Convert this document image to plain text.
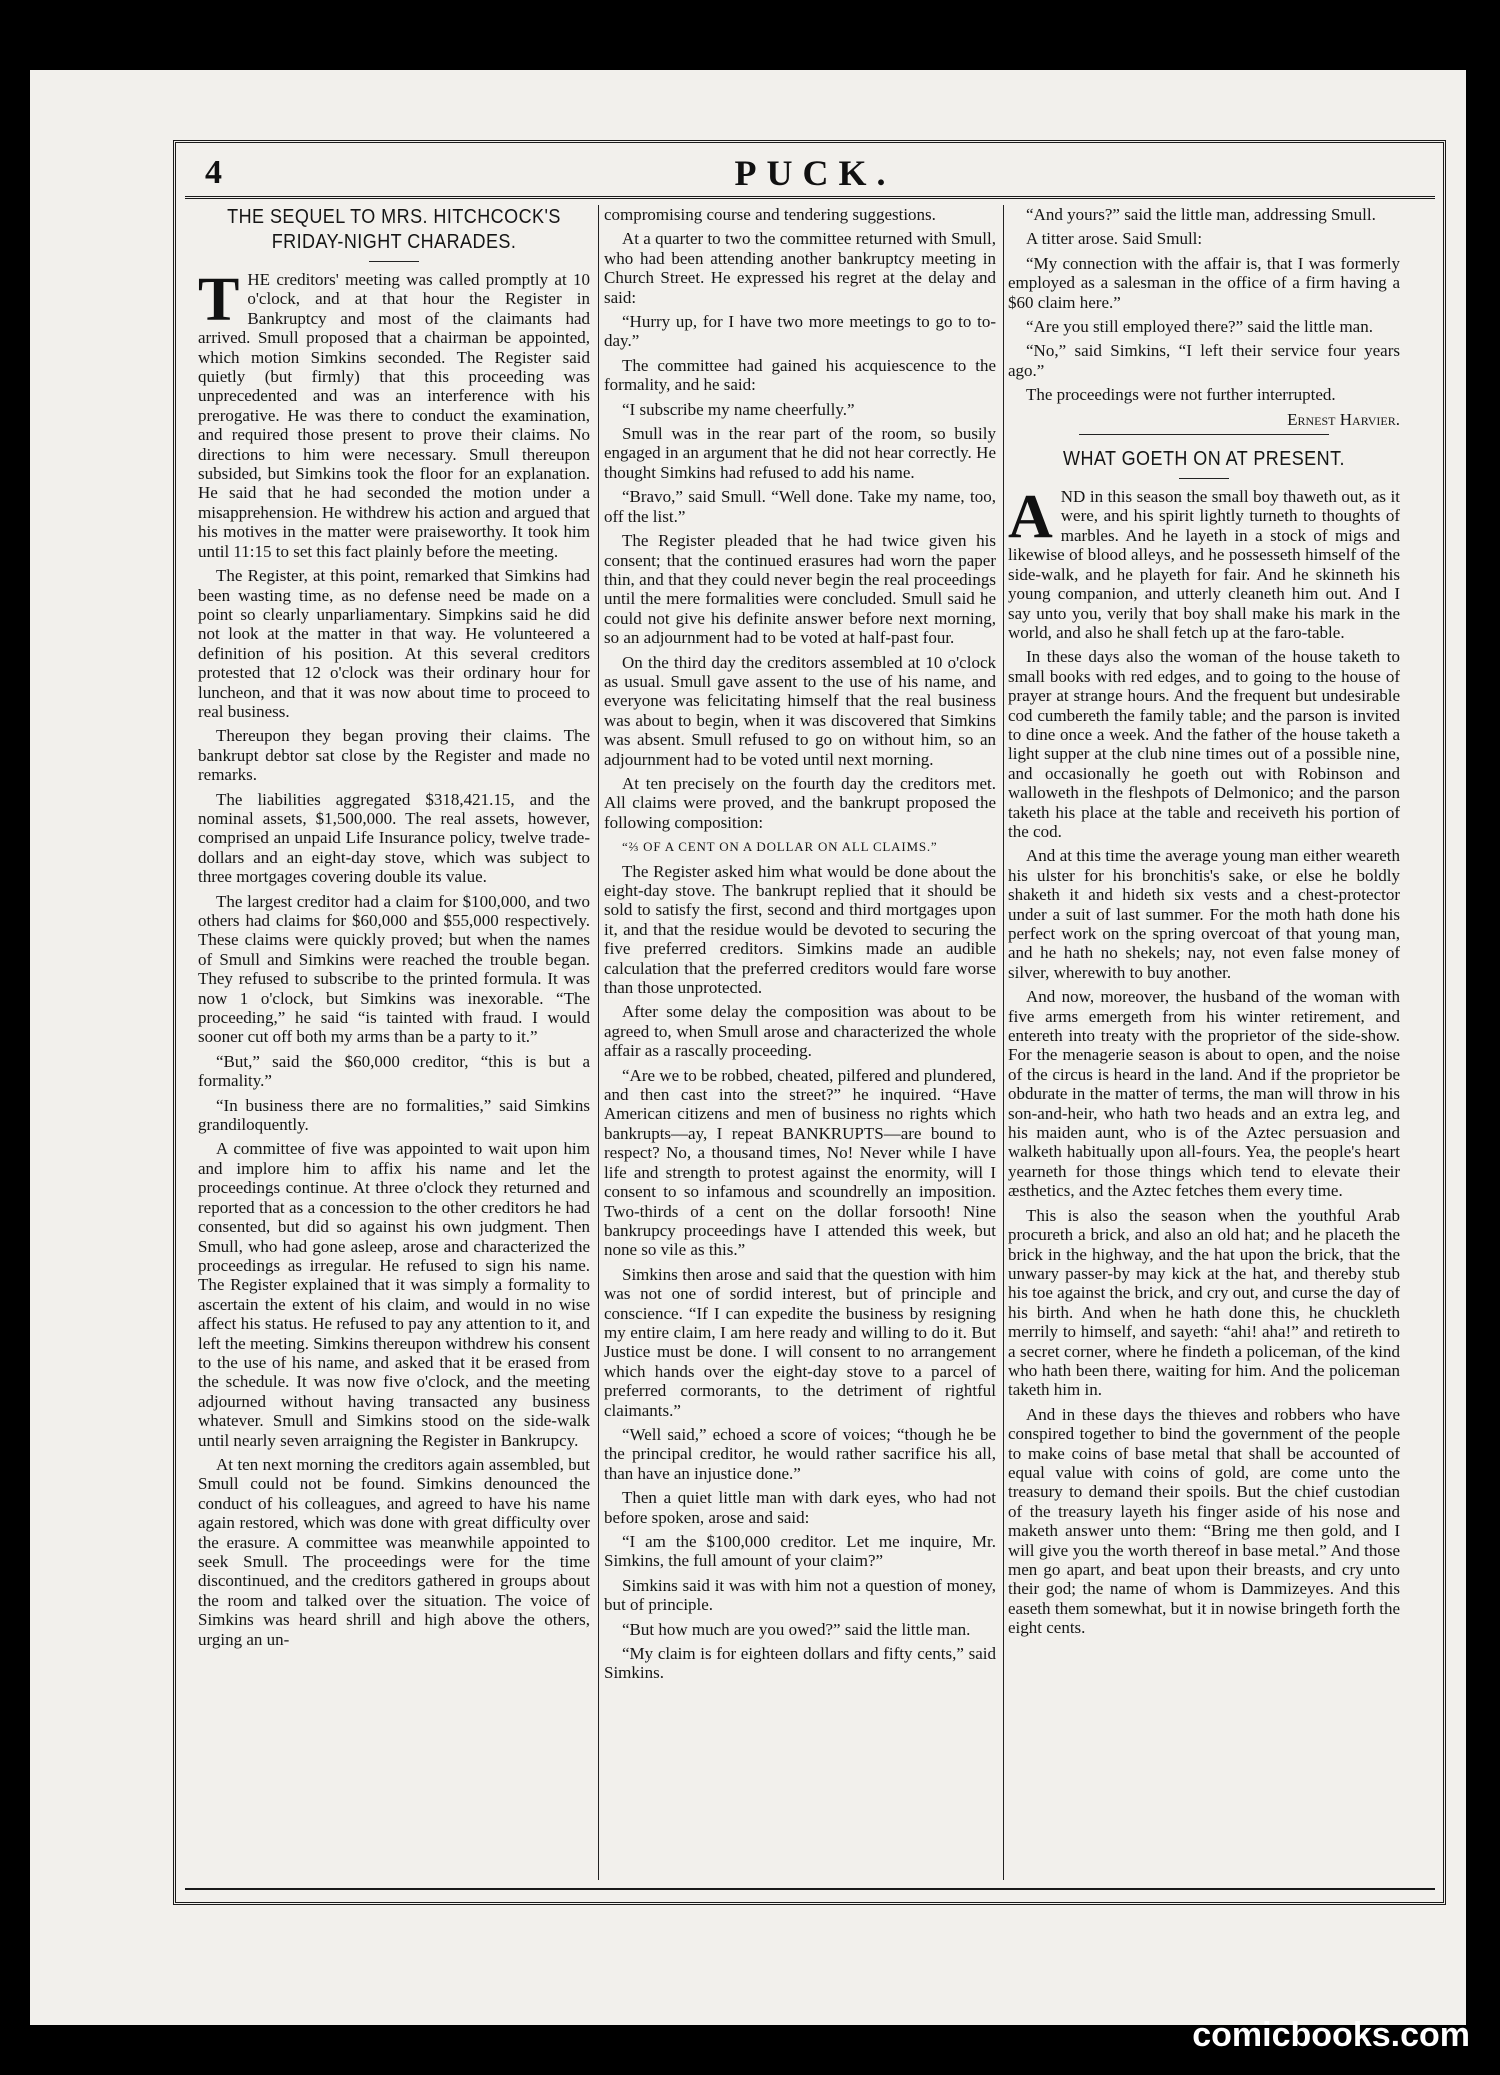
4	PUCK.
THE SEQUEL TO MRS. HITCHCOCK'S FRIDAY-NIGHT CHARADES.

THE creditors' meeting was called promptly at 10 o'clock, and at that hour the Register in Bankruptcy and most of the claimants had arrived. Smull proposed that a chairman be appointed, which motion Simkins seconded. The Register said quietly (but firmly) that this proceeding was unprecedented and was an interference with his prerogative. He was there to conduct the examination, and required those present to prove their claims. No directions to him were necessary. Smull thereupon subsided, but Simkins took the floor for an explanation. He said that he had seconded the motion under a misapprehension. He withdrew his action and argued that his motives in the matter were praiseworthy. It took him until 11:15 to set this fact plainly before the meeting.

The Register, at this point, remarked that Simkins had been wasting time, as no defense need be made on a point so clearly unparliamentary. Simpkins said he did not look at the matter in that way. He volunteered a definition of his position. At this several creditors protested that 12 o'clock was their ordinary hour for luncheon, and that it was now about time to proceed to real business.

Thereupon they began proving their claims. The bankrupt debtor sat close by the Register and made no remarks.

The liabilities aggregated $318,421.15, and the nominal assets, $1,500,000. The real assets, however, comprised an unpaid Life Insurance policy, twelve trade-dollars and an eight-day stove, which was subject to three mortgages covering double its value.

The largest creditor had a claim for $100,000, and two others had claims for $60,000 and $55,000 respectively. These claims were quickly proved; but when the names of Smull and Simkins were reached the trouble began. They refused to subscribe to the printed formula. It was now 1 o'clock, but Simkins was inexorable. “The proceeding,” he said “is tainted with fraud. I would sooner cut off both my arms than be a party to it.”

“But,” said the $60,000 creditor, “this is but a formality.”

“In business there are no formalities,” said Simkins grandiloquently.

A committee of five was appointed to wait upon him and implore him to affix his name and let the proceedings continue. At three o'clock they returned and reported that as a concession to the other creditors he had consented, but did so against his own judgment. Then Smull, who had gone asleep, arose and characterized the proceedings as irregular. He refused to sign his name. The Register explained that it was simply a formality to ascertain the extent of his claim, and would in no wise affect his status. He refused to pay any attention to it, and left the meeting. Simkins thereupon withdrew his consent to the use of his name, and asked that it be erased from the schedule. It was now five o'clock, and the meeting adjourned without having transacted any business whatever. Smull and Simkins stood on the side-walk until nearly seven arraigning the Register in Bankrupcy.

At ten next morning the creditors again assembled, but Smull could not be found. Simkins denounced the conduct of his colleagues, and agreed to have his name again restored, which was done with great difficulty over the erasure. A committee was meanwhile appointed to seek Smull. The proceedings were for the time discontinued, and the creditors gathered in groups about the room and talked over the situation. The voice of Simkins was heard shrill and high above the others, urging an un-

compromising course and tendering suggestions.

At a quarter to two the committee returned with Smull, who had been attending another bankruptcy meeting in Church Street. He expressed his regret at the delay and said:

“Hurry up, for I have two more meetings to go to to-day.”

The committee had gained his acquiescence to the formality, and he said:

“I subscribe my name cheerfully.”

Smull was in the rear part of the room, so busily engaged in an argument that he did not hear correctly. He thought Simkins had refused to add his name.

“Bravo,” said Smull. “Well done. Take my name, too, off the list.”

The Register pleaded that he had twice given his consent; that the continued erasures had worn the paper thin, and that they could never begin the real proceedings until the mere formalities were concluded. Smull said he could not give his definite answer before next morning, so an adjournment had to be voted at half-past four.

On the third day the creditors assembled at 10 o'clock as usual. Smull gave assent to the use of his name, and everyone was felicitating himself that the real business was about to begin, when it was discovered that Simkins was absent. Smull refused to go on without him, so an adjournment had to be voted until next morning.

At ten precisely on the fourth day the creditors met. All claims were proved, and the bankrupt proposed the following composition:

“⅔ OF A CENT ON A DOLLAR ON ALL CLAIMS.”

The Register asked him what would be done about the eight-day stove. The bankrupt replied that it should be sold to satisfy the first, second and third mortgages upon it, and that the residue would be devoted to securing the five preferred creditors. Simkins made an audible calculation that the preferred creditors would fare worse than those unprotected.

After some delay the composition was about to be agreed to, when Smull arose and characterized the whole affair as a rascally proceeding.

“Are we to be robbed, cheated, pilfered and plundered, and then cast into the street?” he inquired. “Have American citizens and men of business no rights which bankrupts—ay, I repeat BANKRUPTS—are bound to respect? No, a thousand times, No! Never while I have life and strength to protest against the enormity, will I consent to so infamous and scoundrelly an imposition. Two-thirds of a cent on the dollar forsooth! Nine bankrupcy proceedings have I attended this week, but none so vile as this.”

Simkins then arose and said that the question with him was not one of sordid interest, but of principle and conscience. “If I can expedite the business by resigning my entire claim, I am here ready and willing to do it. But Justice must be done. I will consent to no arrangement which hands over the eight-day stove to a parcel of preferred cormorants, to the detriment of rightful claimants.”

“Well said,” echoed a score of voices; “though he be the principal creditor, he would rather sacrifice his all, than have an injustice done.”

Then a quiet little man with dark eyes, who had not before spoken, arose and said:

“I am the $100,000 creditor. Let me inquire, Mr. Simkins, the full amount of your claim?”

Simkins said it was with him not a question of money, but of principle.

“But how much are you owed?” said the little man.

“My claim is for eighteen dollars and fifty cents,” said Simkins.

“And yours?” said the little man, addressing Smull.

A titter arose. Said Smull:

“My connection with the affair is, that I was formerly employed as a salesman in the office of a firm having a $60 claim here.”

“Are you still employed there?” said the little man.

“No,” said Simkins, “I left their service four years ago.”

The proceedings were not further interrupted.

Ernest Harvier.

WHAT GOETH ON AT PRESENT.

AND in this season the small boy thaweth out, as it were, and his spirit lightly turneth to thoughts of marbles. And he layeth in a stock of migs and likewise of blood alleys, and he possesseth himself of the side-walk, and he playeth for fair. And he skinneth his young companion, and utterly cleaneth him out. And I say unto you, verily that boy shall make his mark in the world, and also he shall fetch up at the faro-table.

In these days also the woman of the house taketh to small books with red edges, and to going to the house of prayer at strange hours. And the frequent but undesirable cod cumbereth the family table; and the parson is invited to dine once a week. And the father of the house taketh a light supper at the club nine times out of a possible nine, and occasionally he goeth out with Robinson and walloweth in the fleshpots of Delmonico; and the parson taketh his place at the table and receiveth his portion of the cod.

And at this time the average young man either weareth his ulster for his bronchitis's sake, or else he boldly shaketh it and hideth six vests and a chest-protector under a suit of last summer. For the moth hath done his perfect work on the spring overcoat of that young man, and he hath no shekels; nay, not even false money of silver, wherewith to buy another.

And now, moreover, the husband of the woman with five arms emergeth from his winter retirement, and entereth into treaty with the proprietor of the side-show. For the menagerie season is about to open, and the noise of the circus is heard in the land. And if the proprietor be obdurate in the matter of terms, the man will throw in his son-and-heir, who hath two heads and an extra leg, and his maiden aunt, who is of the Aztec persuasion and walketh habitually upon all-fours. Yea, the people's heart yearneth for those things which tend to elevate their æsthetics, and the Aztec fetches them every time.

This is also the season when the youthful Arab procureth a brick, and also an old hat; and he placeth the brick in the highway, and the hat upon the brick, that the unwary passer-by may kick at the hat, and thereby stub his toe against the brick, and cry out, and curse the day of his birth. And when he hath done this, he chuckleth merrily to himself, and sayeth: “ahi! aha!” and retireth to a secret corner, where he findeth a policeman, of the kind who hath been there, waiting for him. And the policeman taketh him in.

And in these days the thieves and robbers who have conspired together to bind the government of the people to make coins of base metal that shall be accounted of equal value with coins of gold, are come unto the treasury to demand their spoils. But the chief custodian of the treasury layeth his finger aside of his nose and maketh answer unto them: “Bring me then gold, and I will give you the worth thereof in base metal.” And those men go apart, and beat upon their breasts, and cry unto their god; the name of whom is Dammizeyes. And this easeth them somewhat, but it in nowise bringeth forth the eight cents.

comicbooks.com
